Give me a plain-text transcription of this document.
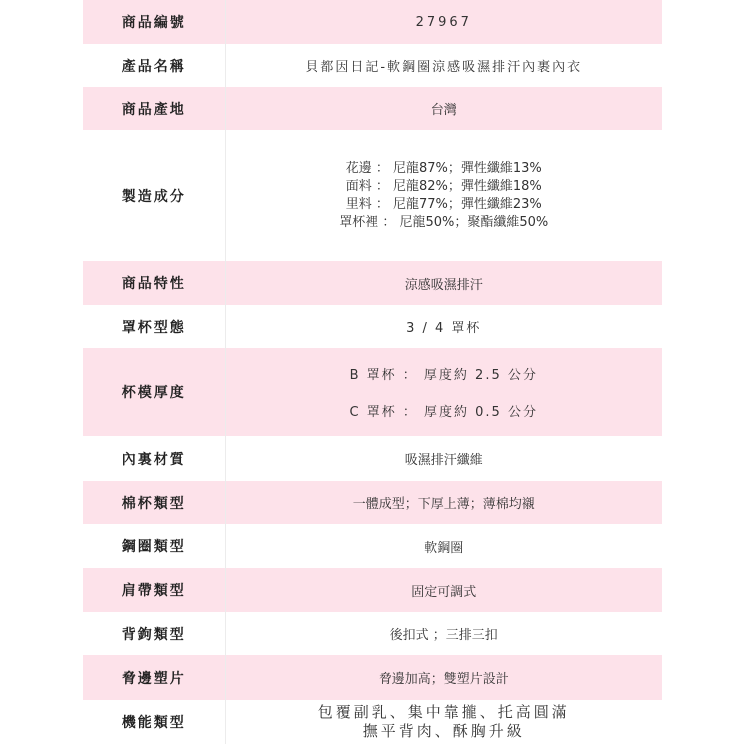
商品編號	27967
產品名稱	貝都因日記-軟鋼圈涼感吸濕排汗內裹內衣
商品產地	台灣
製造成分	花邊 ： 尼龍87%；彈性纖維13%
面料 ： 尼龍82%；彈性纖維18%
里料 ： 尼龍77%；彈性纖維23%
罩杯裡 ： 尼龍50%；聚酯纖維50%

商品特性	涼感吸濕排汗
罩杯型態	3 / 4 罩杯
杯模厚度	B 罩杯 ： 厚度約 2.5 公分
C 罩杯 ： 厚度約 0.5 公分

內裏材質	吸濕排汗纖維
棉杯類型	一體成型；下厚上薄；薄棉均襯
鋼圈類型	軟鋼圈
肩帶類型	固定可調式
背鉤類型	後扣式 ；三排三扣
脅邊塑片	脅邊加高；雙塑片設計
機能類型	包覆副乳、集中靠攏、托高圓滿
撫平背肉、酥胸升級
